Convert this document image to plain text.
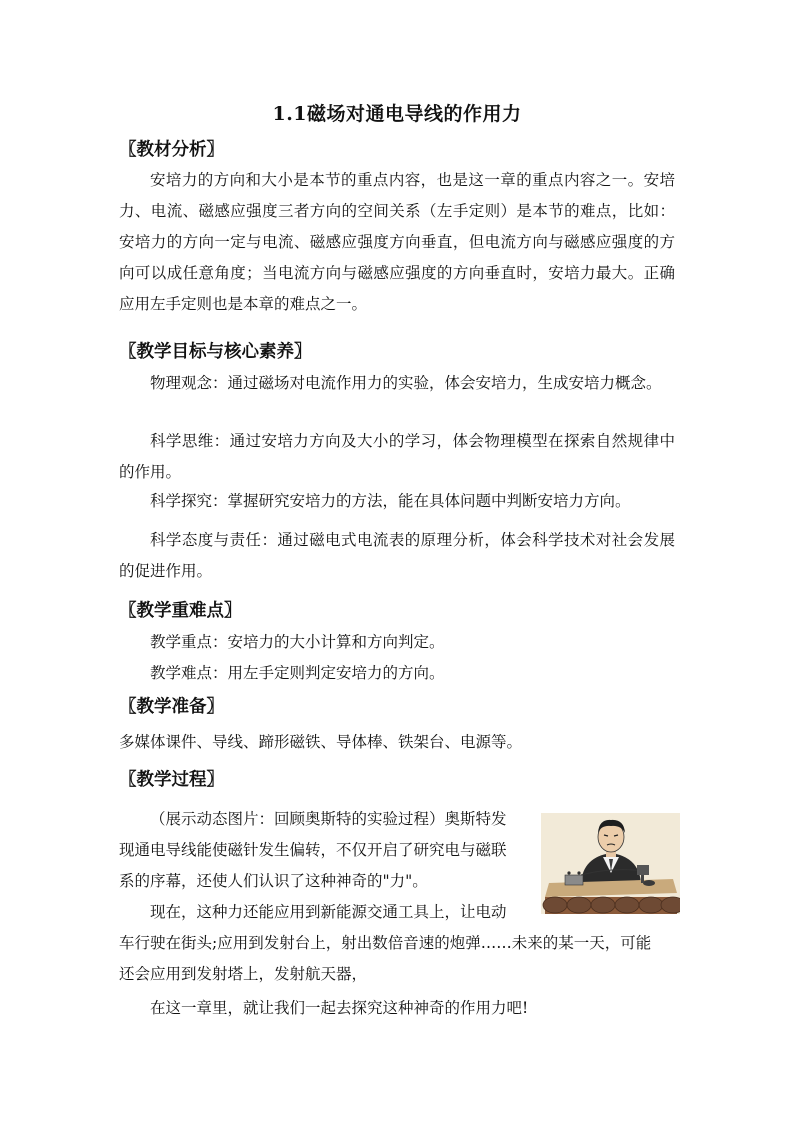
1.1磁场对通电导线的作用力
〖教材分析〗

安培力的方向和大小是本节的重点内容，也是这一章的重点内容之一。安培力、电流、磁感应强度三者方向的空间关系（左手定则）是本节的难点，比如：安培力的方向一定与电流、磁感应强度方向垂直，但电流方向与磁感应强度的方向可以成任意角度；当电流方向与磁感应强度的方向垂直时，安培力最大。正确应用左手定则也是本章的难点之一。

〖教学目标与核心素养〗

物理观念：通过磁场对电流作用力的实验，体会安培力，生成安培力概念。

科学思维：通过安培力方向及大小的学习，体会物理模型在探索自然规律中的作用。

科学探究：掌握研究安培力的方法，能在具体问题中判断安培力方向。

科学态度与责任：通过磁电式电流表的原理分析，体会科学技术对社会发展的促进作用。

〖教学重难点〗

教学重点：安培力的大小计算和方向判定。

教学难点：用左手定则判定安培力的方向。

〖教学准备〗

多媒体课件、导线、蹄形磁铁、导体棒、铁架台、电源等。

〖教学过程〗

（展示动态图片：回顾奥斯特的实验过程）奥斯特发

现通电导线能使磁针发生偏转，不仅开启了研究电与磁联

系的序幕，还使人们认识了这种神奇的"力"。

现在，这种力还能应用到新能源交通工具上，让电动

车行驶在街头;应用到发射台上，射出数倍音速的炮弹……未来的某一天，可能

还会应用到发射塔上，发射航天器，

在这一章里，就让我们一起去探究这种神奇的作用力吧!
